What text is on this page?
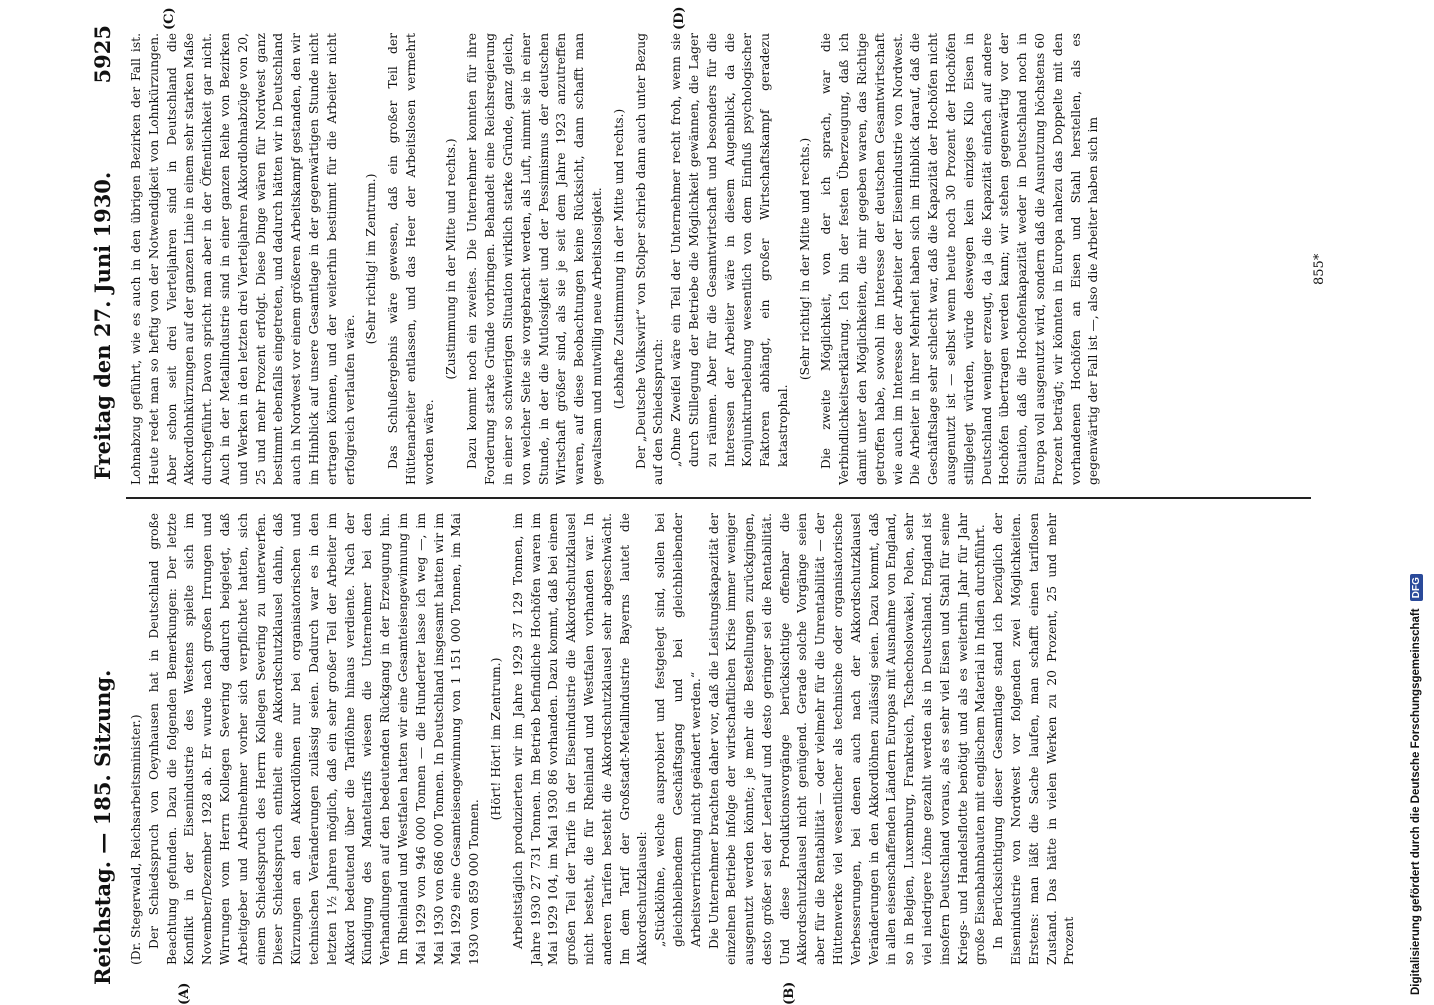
Reichstag. — 185. Sitzung.
Freitag den 27. Juni 1930.
5925
(A)	(B)
(C)	(D)

(Dr. Stegerwald, Reichsarbeitsminister.) Der Schiedsspruch von Oeynhausen hat in Deutschland große Beachtung gefunden. Dazu die folgenden Bemerkungen: Der letzte Konflikt in der Eisenindustrie des Westens spielte sich im November/Dezember 1928 ab. Er wurde nach großen Irrungen und Wirrungen vom Herrn Kollegen Severing dadurch beigelegt, daß Arbeitgeber und Arbeitnehmer vorher sich verpflichtet hatten, sich einem Schiedsspruch des Herrn Kollegen Severing zu unterwerfen. Dieser Schiedsspruch enthielt eine Akkordschutzklausel dahin, daß Kürzungen an den Akkordlöhnen nur bei organisatorischen und technischen Veränderungen zulässig seien. Dadurch war es in den letzten 1½ Jahren möglich, daß ein sehr großer Teil der Arbeiter im Akkord bedeutend über die Tariflöhne hinaus verdiente. Nach der Kündigung des Manteltarifs wiesen die Unternehmer bei den Verhandlungen auf den bedeutenden Rückgang in der Erzeugung hin. Im Rheinland und Westfalen hatten wir eine Gesamteisengewinnung im Mai 1929 von 946 000 Tonnen — die Hunderter lasse ich weg —, im Mai 1930 von 686 000 Tonnen. In Deutschland insgesamt hatten wir im Mai 1929 eine Gesamteisengewinnung von 1 151 000 Tonnen, im Mai 1930 von 859 000 Tonnen.

(Hört! Hört! im Zentrum.) Arbeitstäglich produzierten wir im Jahre 1929 37 129 Tonnen, im Jahre 1930 27 731 Tonnen. Im Betrieb befindliche Hochöfen waren im Mai 1929 104, im Mai 1930 86 vorhanden. Dazu kommt, daß bei einem großen Teil der Tarife in der Eisenindustrie die Akkordschutzklausel nicht besteht, die für Rheinland und Westfalen vorhanden war. In anderen Tarifen besteht die Akkordschutzklausel sehr abgeschwächt. Im dem Tarif der Großstadt-Metallindustrie Bayerns lautet die Akkordschutzklausel: „Stücklöhne, welche ausprobiert und festgelegt sind, sollen bei gleichbleibendem Geschäftsgang und bei gleichbleibender Arbeitsverrichtung nicht geändert werden.“ Die Unternehmer brachten daher vor, daß die Leistungskapazität der einzelnen Betriebe infolge der wirtschaftlichen Krise immer weniger ausgenutzt werden könnte; je mehr die Bestellungen zurückgingen, desto größer sei der Leerlauf und desto geringer sei die Rentabilität. Und diese Produktionsvorgänge berücksichtige offenbar die Akkordschutzklausel nicht genügend. Gerade solche Vorgänge seien aber für die Rentabilität — oder vielmehr für die Unrentabilität — der Hüttenwerke viel wesentlicher als technische oder organisatorische Verbesserungen, bei denen auch nach der Akkordschutzklausel Veränderungen in den Akkordlöhnen zulässig seien. Dazu kommt, daß in allen eisenschaffenden Ländern Europas mit Ausnahme von England, so in Belgien, Luxemburg, Frankreich, Tschechoslowakei, Polen, sehr viel niedrigere Löhne gezahlt werden als in Deutschland. England ist insofern Deutschland voraus, als es sehr viel Eisen und Stahl für seine Kriegs- und Handelsflotte benötigt und als es weiterhin Jahr für Jahr große Eisenbahnbauten mit englischem Material in Indien durchführt. In Berücksichtigung dieser Gesamtlage stand ich bezüglich der Eisenindustrie von Nordwest vor folgenden zwei Möglichkeiten. Erstens: man läßt die Sache laufen, man schafft einen tariflosen Zustand. Das hätte in vielen Werken zu 20 Prozent, 25 und mehr Prozent

Lohnabzug geführt, wie es auch in den übrigen Bezirken der Fall ist. Heute redet man so heftig von der Notwendigkeit von Lohnkürzungen. Aber schon seit drei Vierteljahren sind in Deutschland die Akkordlohnkürzungen auf der ganzen Linie in einem sehr starken Maße durchgeführt. Davon spricht man aber in der Öffentlichkeit gar nicht. Auch in der Metallindustrie sind in einer ganzen Reihe von Bezirken und Werken in den letzten drei Vierteljahren Akkordlohnabzüge von 20, 25 und mehr Prozent erfolgt. Diese Dinge wären für Nordwest ganz bestimmt ebenfalls eingetreten, und dadurch hätten wir in Deutschland auch in Nordwest vor einem größeren Arbeitskampf gestanden, den wir im Hinblick auf unsere Gesamtlage in der gegenwärtigen Stunde nicht ertragen können, und der weiterhin bestimmt für die Arbeiter nicht erfolgreich verlaufen wäre.

(Sehr richtig! im Zentrum.) Das Schlußergebnis wäre gewesen, daß ein großer Teil der Hüttenarbeiter entlassen, und das Heer der Arbeitslosen vermehrt worden wäre.

(Zustimmung in der Mitte und rechts.) Dazu kommt noch ein zweites. Die Unternehmer konnten für ihre Forderung starke Gründe vorbringen. Behandelt eine Reichsregierung in einer so schwierigen Situation wirklich starke Gründe, ganz gleich, von welcher Seite sie vorgebracht werden, als Luft, nimmt sie in einer Stunde, in der die Mutlosigkeit und der Pessimismus der deutschen Wirtschaft größer sind, als sie je seit dem Jahre 1923 anzutreffen waren, auf diese Beobachtungen keine Rücksicht, dann schafft man gewaltsam und mutwillig neue Arbeitslosigkeit. (Lebhafte Zustimmung in der Mitte und rechts.) Der „Deutsche Volkswirt“ von Stolper schrieb dann auch unter Bezug auf den Schiedsspruch: „Ohne Zweifel wäre ein Teil der Unternehmer recht froh, wenn sie durch Stillegung der Betriebe die Möglichkeit gewännen, die Lager zu räumen. Aber für die Gesamtwirtschaft und besonders für die Interessen der Arbeiter wäre in diesem Augenblick, da die Konjunkturbelebung wesentlich von dem Einfluß psychologischer Faktoren abhängt, ein großer Wirtschaftskampf geradezu katastrophal.

(Sehr richtig! in der Mitte und rechts.) Die zweite Möglichkeit, von der ich sprach, war die Verbindlichkeitserklärung. Ich bin der festen Überzeugung, daß ich damit unter den Möglichkeiten, die mir gegeben waren, das Richtige getroffen habe, sowohl im Interesse der deutschen Gesamtwirtschaft wie auch im Interesse der Arbeiter der Eisenindustrie von Nordwest. Die Arbeiter in ihrer Mehrheit haben sich im Hinblick darauf, daß die Geschäftslage sehr schlecht war, daß die Kapazität der Hochöfen nicht ausgenutzt ist — selbst wenn heute noch 30 Prozent der Hochöfen stillgelegt würden, würde deswegen kein einziges Kilo Eisen in Deutschland weniger erzeugt, da ja die Kapazität einfach auf andere Hochöfen übertragen werden kann; wir stehen gegenwärtig vor der Situation, daß die Hochofenkapazität weder in Deutschland noch in Europa voll ausgenutzt wird, sondern daß die Ausnutzung höchstens 60 Prozent beträgt; wir könnten in Europa nahezu das Doppelte mit den vorhandenen Hochöfen an Eisen und Stahl herstellen, als es gegenwärtig der Fall ist —, also die Arbeiter haben sich im	855*
Digitalisierung gefördert durch die Deutsche Forschungsgemeinschaft DFG
